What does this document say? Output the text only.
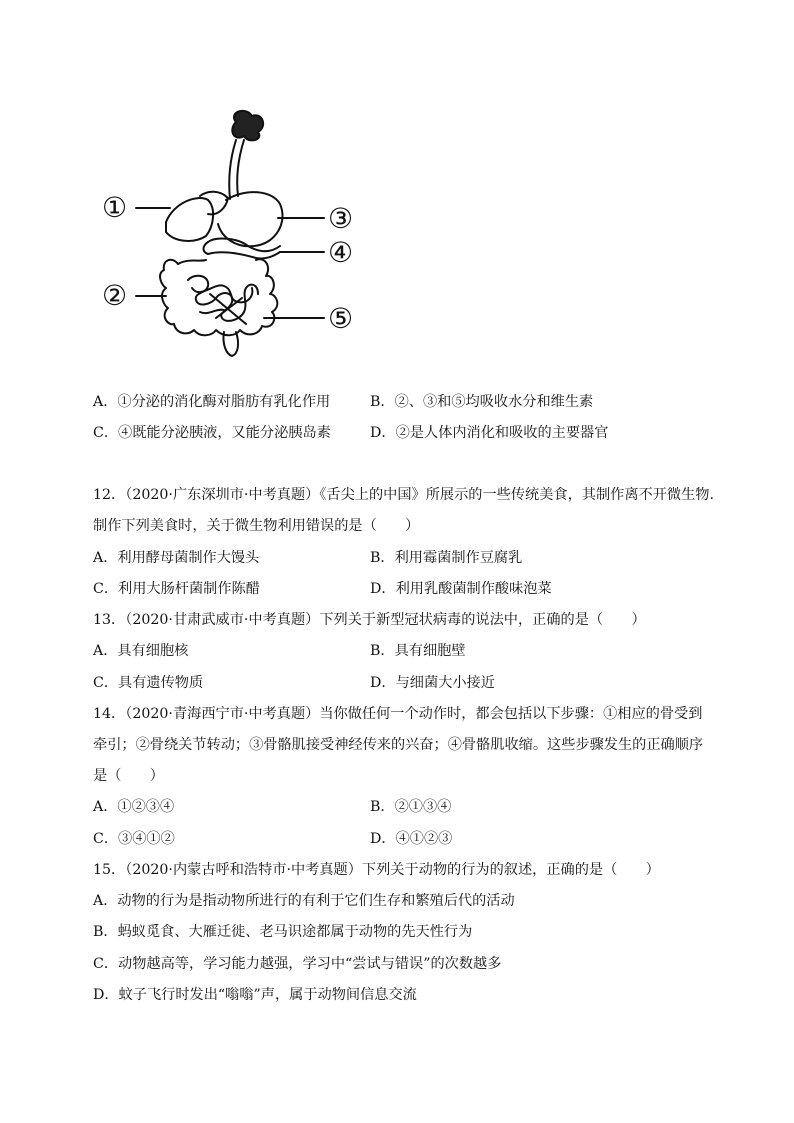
①
②
③
④
⑤
A．①分泌的消化酶对脂肪有乳化作用	B．②、③和⑤均吸收水分和维生素
C．④既能分泌胰液，又能分泌胰岛素	D．②是人体内消化和吸收的主要器官
12．（2020·广东深圳市·中考真题）《舌尖上的中国》所展示的一些传统美食，其制作离不开微生物.
制作下列美食时，关于微生物利用错误的是（　　）
A．利用酵母菌制作大馒头	B．利用霉菌制作豆腐乳
C．利用大肠杆菌制作陈醋	D．利用乳酸菌制作酸味泡菜
13．（2020·甘肃武威市·中考真题）下列关于新型冠状病毒的说法中，正确的是（　　）
A．具有细胞核	B．具有细胞壁
C．具有遗传物质	D．与细菌大小接近
14．（2020·青海西宁市·中考真题）当你做任何一个动作时，都会包括以下步骤：①相应的骨受到
牵引；②骨绕关节转动；③骨骼肌接受神经传来的兴奋；④骨骼肌收缩。这些步骤发生的正确顺序
是（　　）
A．①②③④	B．②①③④
C．③④①②	D．④①②③
15．（2020·内蒙古呼和浩特市·中考真题）下列关于动物的行为的叙述，正确的是（　　）
A．动物的行为是指动物所进行的有利于它们生存和繁殖后代的活动
B．蚂蚁觅食、大雁迁徙、老马识途都属于动物的先天性行为
C．动物越高等，学习能力越强，学习中“尝试与错误”的次数越多
D．蚊子飞行时发出“嗡嗡”声，属于动物间信息交流
